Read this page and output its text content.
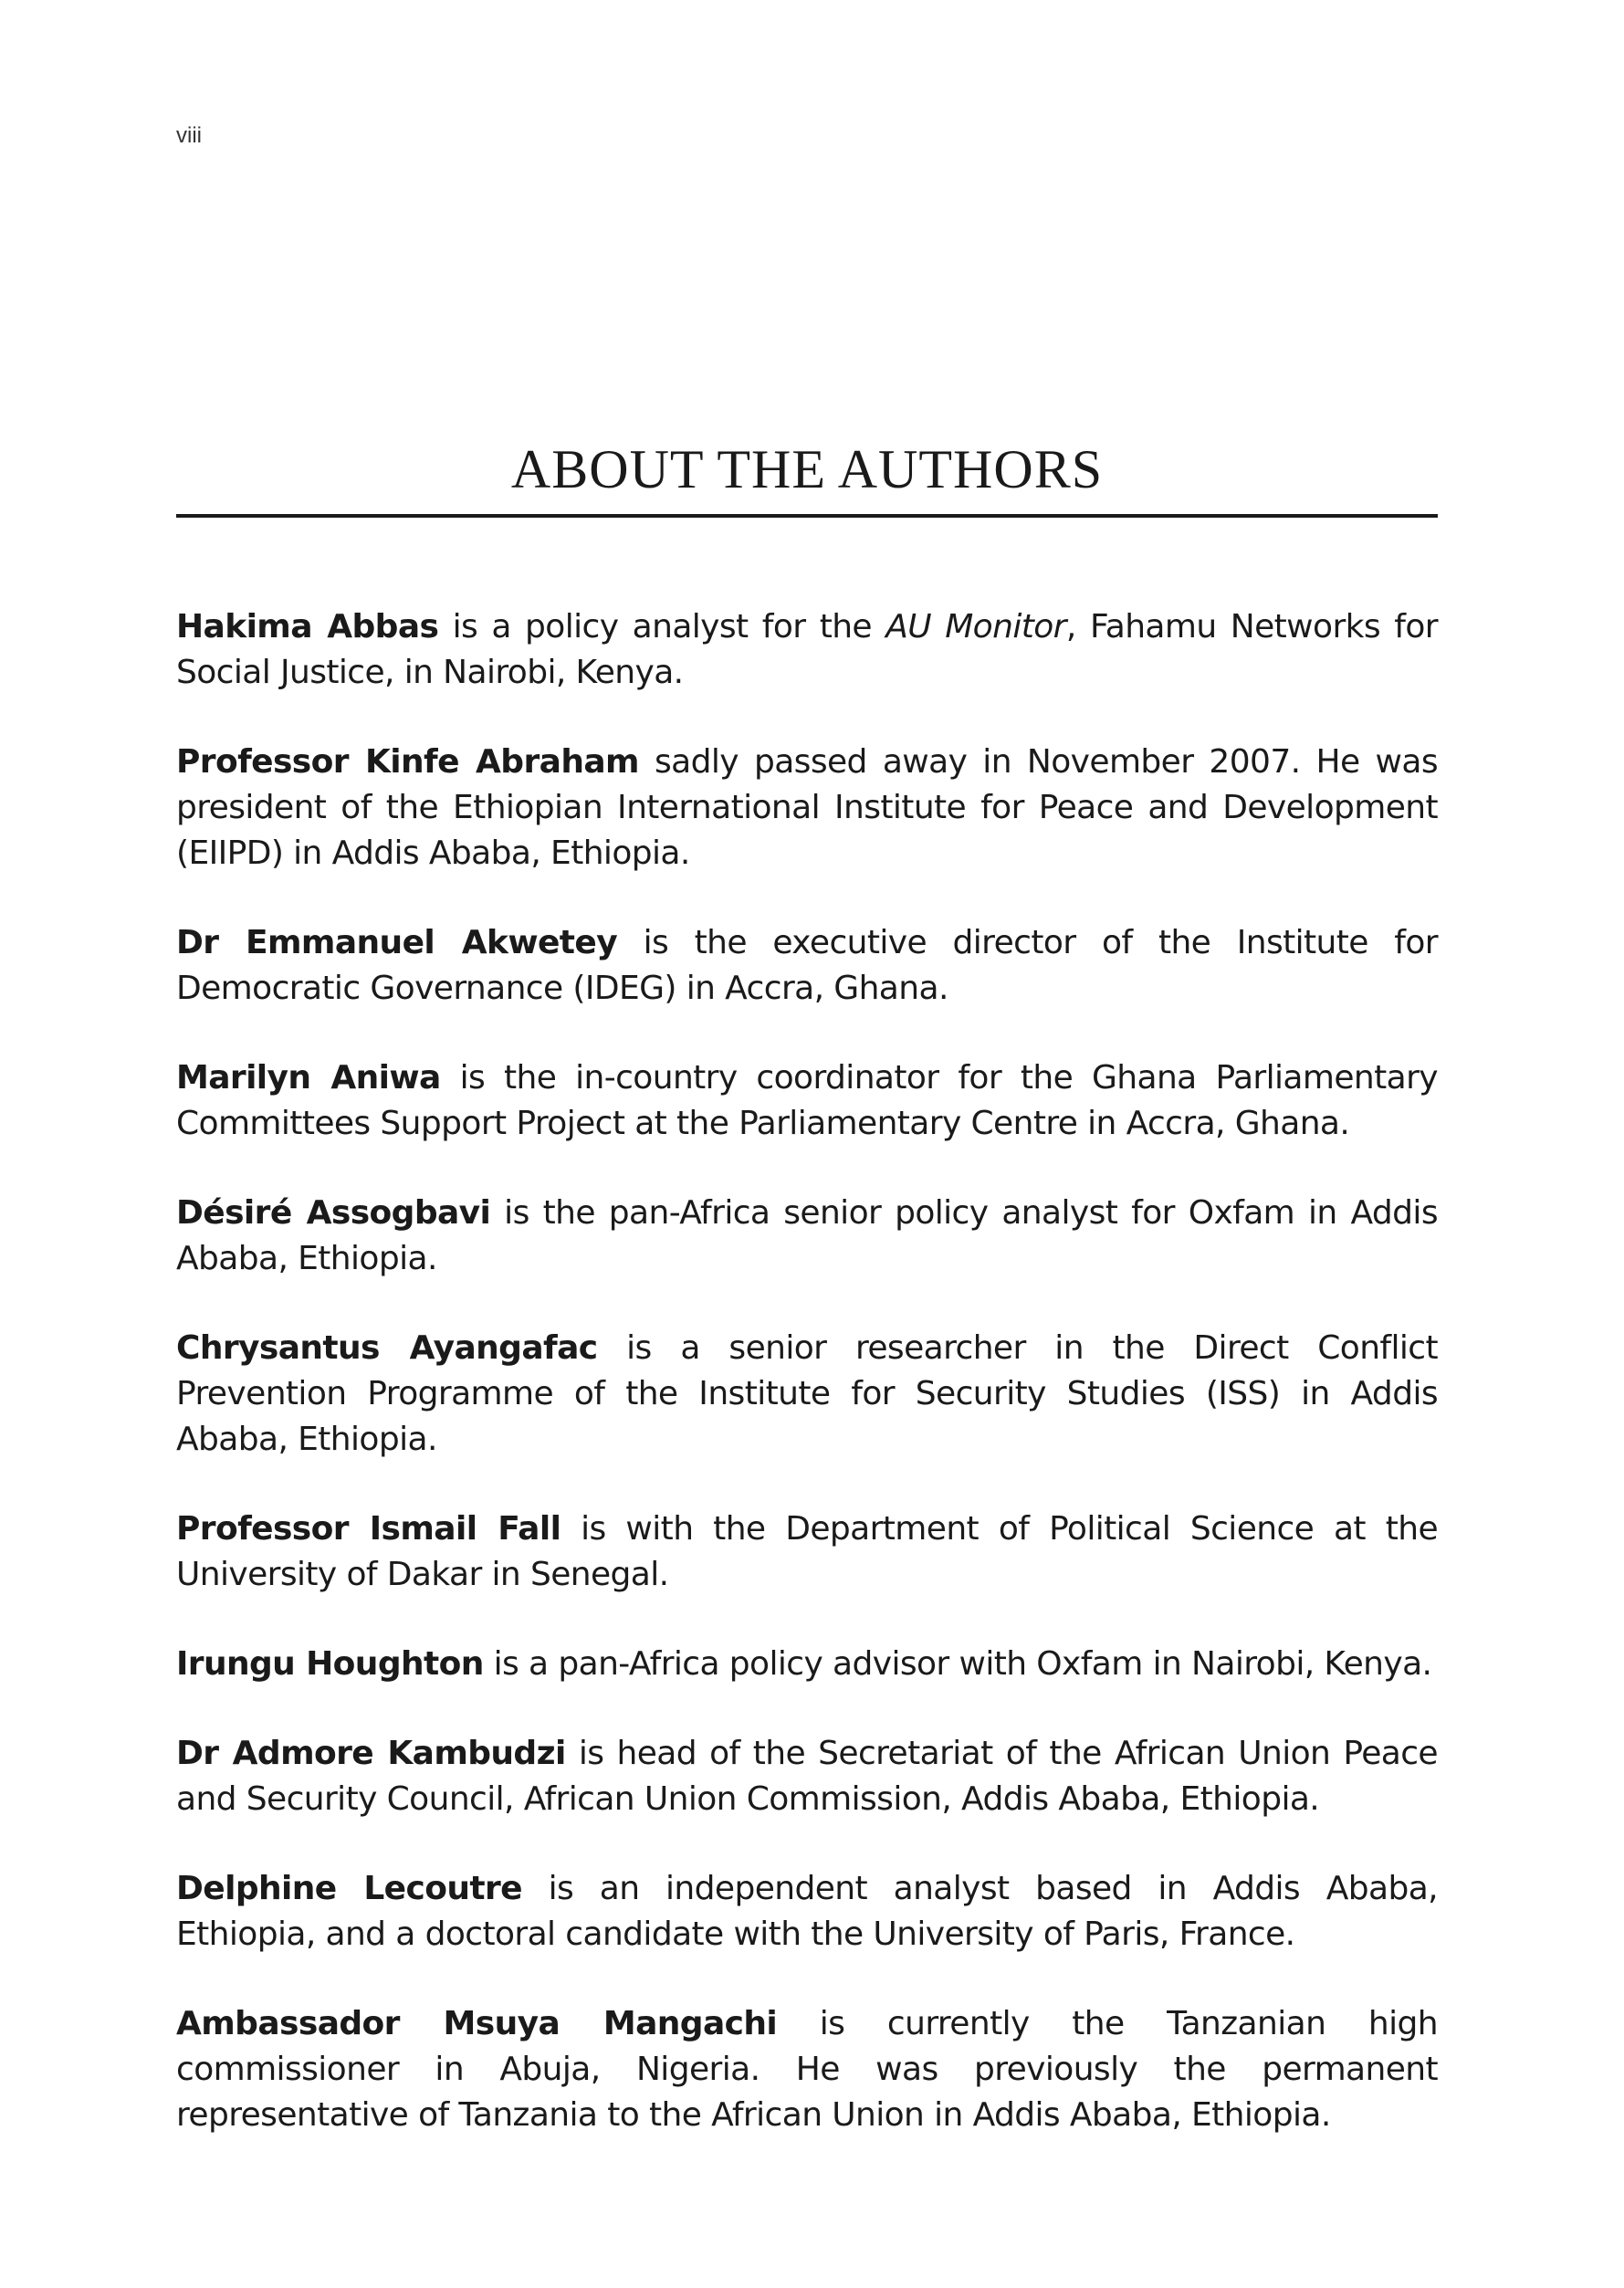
viii
ABOUT THE AUTHORS

Hakima Abbas is a policy analyst for the AU Monitor, Fahamu Networks for Social Justice, in Nairobi, Kenya.

Professor Kinfe Abraham sadly passed away in November 2007. He was president of the Ethiopian International Institute for Peace and Development (EIIPD) in Addis Ababa, Ethiopia.

Dr Emmanuel Akwetey is the executive director of the Institute for Democratic Governance (IDEG) in Accra, Ghana.

Marilyn Aniwa is the in-country coordinator for the Ghana Parliamentary Committees Support Project at the Parliamentary Centre in Accra, Ghana.

Désiré Assogbavi is the pan-Africa senior policy analyst for Oxfam in Addis Ababa, Ethiopia.

Chrysantus Ayangafac is a senior researcher in the Direct Conflict Prevention Programme of the Institute for Security Studies (ISS) in Addis Ababa, Ethiopia.

Professor Ismail Fall is with the Department of Political Science at the University of Dakar in Senegal.

Irungu Houghton is a pan-Africa policy advisor with Oxfam in Nairobi, Kenya.

Dr Admore Kambudzi is head of the Secretariat of the African Union Peace and Security Council, African Union Commission, Addis Ababa, Ethiopia.

Delphine Lecoutre is an independent analyst based in Addis Ababa, Ethiopia, and a doctoral candidate with the University of Paris, France.

Ambassador Msuya Mangachi is currently the Tanzanian high commissioner in Abuja, Nigeria. He was previously the permanent representative of Tanzania to the African Union in Addis Ababa, Ethiopia.
